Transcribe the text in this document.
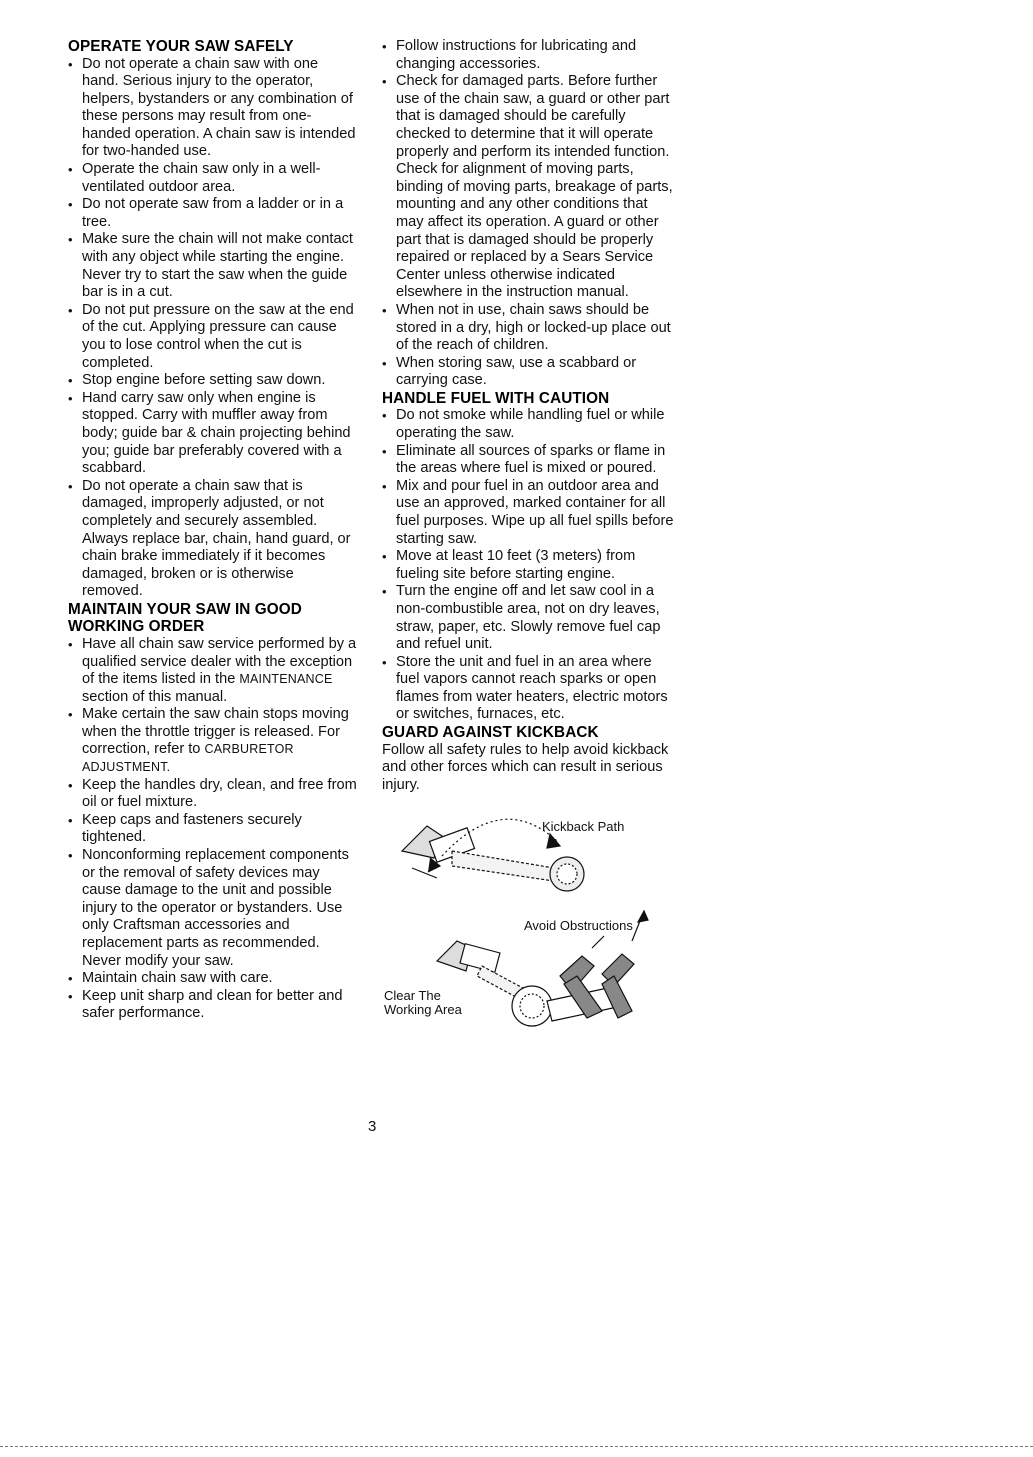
OPERATE YOUR SAW SAFELY
• Do not operate a chain saw with one hand. Serious injury to the operator, helpers, bystanders or any combination of these persons may result from one-handed operation. A chain saw is intended for two-handed use.
• Operate the chain saw only in a well-ventilated outdoor area.
• Do not operate saw from a ladder or in a tree.
• Make sure the chain will not make contact with any object while starting the engine. Never try to start the saw when the guide bar is in a cut.
• Do not put pressure on the saw at the end of the cut. Applying pressure can cause you to lose control when the cut is completed.
• Stop engine before setting saw down.
• Hand carry saw only when engine is stopped. Carry with muffler away from body; guide bar & chain projecting behind you; guide bar preferably covered with a scabbard.
• Do not operate a chain saw that is damaged, improperly adjusted, or not completely and securely assembled. Always replace bar, chain, hand guard, or chain brake immediately if it becomes damaged, broken or is otherwise removed.
MAINTAIN YOUR SAW IN GOOD WORKING ORDER
• Have all chain saw service performed by a qualified service dealer with the exception of the items listed in the MAINTENANCE section of this manual.
• Make certain the saw chain stops moving when the throttle trigger is released. For correction, refer to CARBURETOR ADJUSTMENT.
• Keep the handles dry, clean, and free from oil or fuel mixture.
• Keep caps and fasteners securely tightened.
• Nonconforming replacement components or the removal of safety devices may cause damage to the unit and possible injury to the operator or bystanders. Use only Craftsman accessories and replacement parts as recommended. Never modify your saw.
• Maintain chain saw with care.
• Keep unit sharp and clean for better and safer performance.
• Follow instructions for lubricating and changing accessories.
• Check for damaged parts. Before further use of the chain saw, a guard or other part that is damaged should be carefully checked to determine that it will operate properly and perform its intended function. Check for alignment of moving parts, binding of moving parts, breakage of parts, mounting and any other conditions that may affect its operation. A guard or other part that is damaged should be properly repaired or replaced by a Sears Service Center unless otherwise indicated elsewhere in the instruction manual.
• When not in use, chain saws should be stored in a dry, high or locked-up place out of the reach of children.
• When storing saw, use a scabbard or carrying case.
HANDLE FUEL WITH CAUTION
• Do not smoke while handling fuel or while operating the saw.
• Eliminate all sources of sparks or flame in the areas where fuel is mixed or poured.
• Mix and pour fuel in an outdoor area and use an approved, marked container for all fuel purposes. Wipe up all fuel spills before starting saw.
• Move at least 10 feet (3 meters) from fueling site before starting engine.
• Turn the engine off and let saw cool in a non-combustible area, not on dry leaves, straw, paper, etc. Slowly remove fuel cap and refuel unit.
• Store the unit and fuel in an area where fuel vapors cannot reach sparks or open flames from water heaters, electric motors or switches, furnaces, etc.
GUARD AGAINST KICKBACK

Follow all safety rules to help avoid kickback and other forces which can result in serious injury.

Kickback Path
Avoid Obstructions
Clear The
Working Area
3
